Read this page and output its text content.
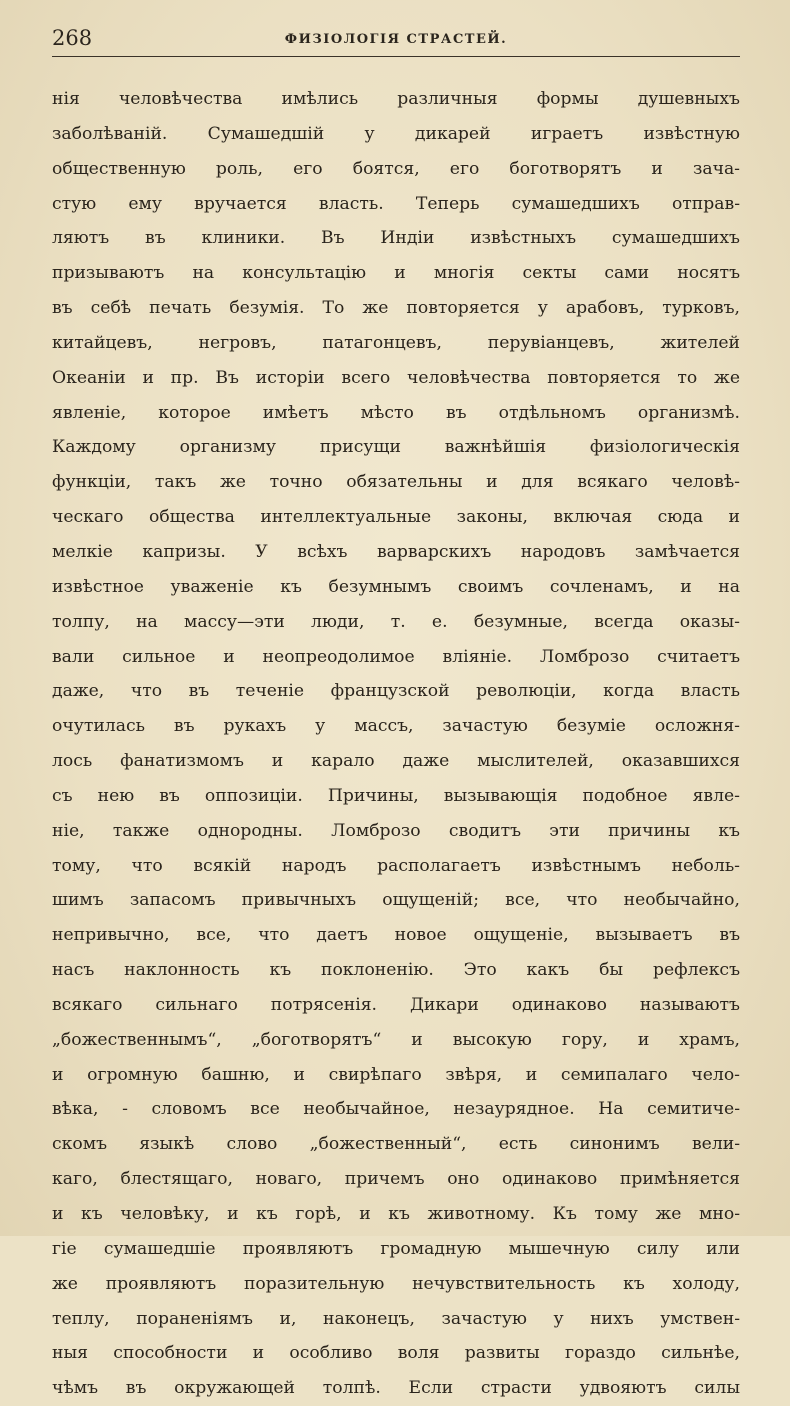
268	ФИЗІОЛОГІЯ СТРАСТЕЙ.
нія человѣчества имѣлись различныя формы душевныхъ
заболѣваній. Сумашедшій у дикарей играетъ извѣстную
общественную роль, его боятся, его боготворятъ и зача-
стую ему вручается власть. Теперь сумашедшихъ отправ-
ляютъ въ клиники. Въ Индіи извѣстныхъ сумашедшихъ
призываютъ на консультацію и многія секты сами носятъ
въ себѣ печать безумія. То же повторяется у арабовъ, турковъ,
китайцевъ, негровъ, патагонцевъ, перувіанцевъ, жителей
Океаніи и пр. Въ исторіи всего человѣчества повторяется то же
явленіе, которое имѣетъ мѣсто въ отдѣльномъ организмѣ.
Каждому организму присущи важнѣйшія физіологическія
функціи, такъ же точно обязательны и для всякаго человѣ-
ческаго общества интеллектуальные законы, включая сюда и
мелкіе капризы. У всѣхъ варварскихъ народовъ замѣчается
извѣстное уваженіе къ безумнымъ своимъ сочленамъ, и на
толпу, на массу—эти люди, т. е. безумные, всегда оказы-
вали сильное и неопреодолимое вліяніе. Ломброзо считаетъ
даже, что въ теченіе французской революціи, когда власть
очутилась въ рукахъ у массъ, зачастую безуміе осложня-
лось фанатизмомъ и карало даже мыслителей, оказавшихся
съ нею въ оппозиціи. Причины, вызывающія подобное явле-
ніе, также однородны. Ломброзо сводитъ эти причины къ
тому, что всякій народъ располагаетъ извѣстнымъ неболь-
шимъ запасомъ привычныхъ ощущеній; все, что необычайно,
непривычно, все, что даетъ новое ощущеніе, вызываетъ въ
насъ наклонность къ поклоненію. Это какъ бы рефлексъ
всякаго сильнаго потрясенія. Дикари одинаково называютъ
„божественнымъ“, „боготворятъ“ и высокую гору, и храмъ,
и огромную башню, и свирѣпаго звѣря, и семипалаго чело-
вѣка, - словомъ все необычайное, незаурядное. На семитиче-
скомъ языкѣ слово „божественный“, есть синонимъ вели-
каго, блестящаго, новаго, причемъ оно одинаково примѣняется
и къ человѣку, и къ горѣ, и къ животному. Къ тому же мно-
гіе сумашедшіе проявляютъ громадную мышечную силу или
же проявляютъ поразительную нечувствительность къ холоду,
теплу, пораненіямъ и, наконецъ, зачастую у нихъ умствен-
ныя способности и особливо воля развиты гораздо сильнѣе,
чѣмъ въ окружающей толпѣ. Если страсти удвояютъ силы
